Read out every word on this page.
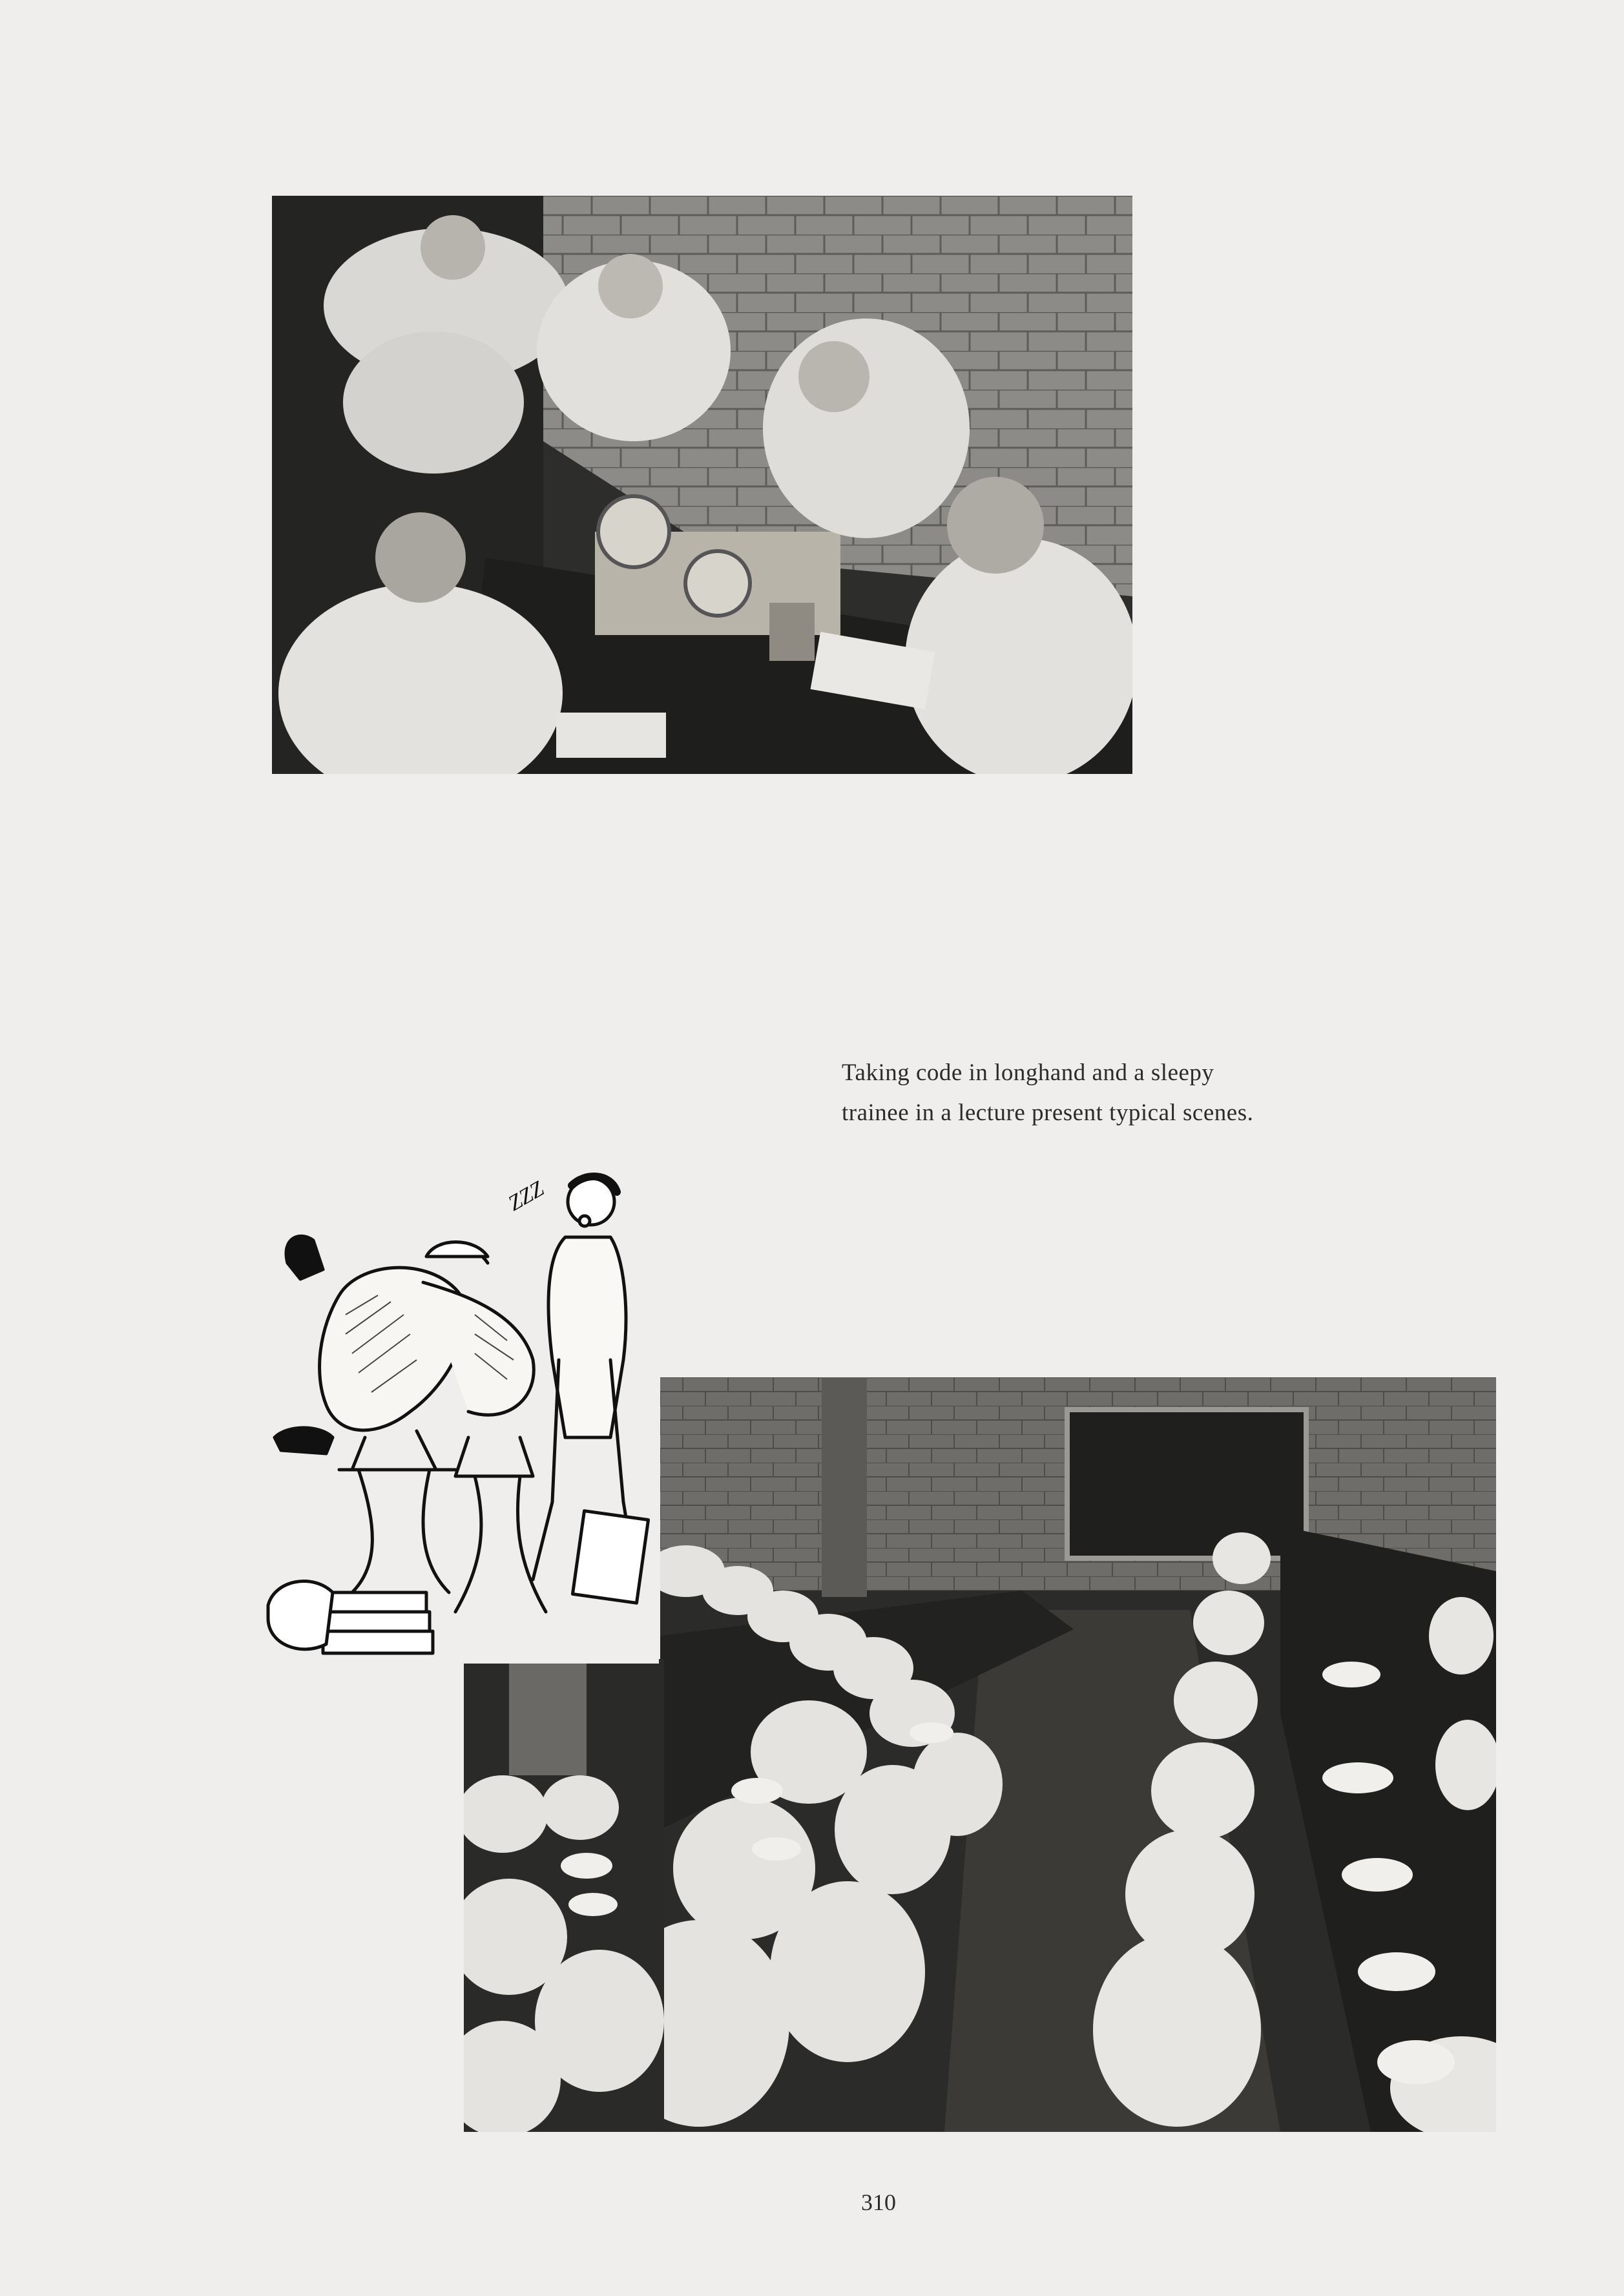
Taking code in longhand and a sleepy
trainee in a lecture present typical scenes.
ZZZ
310
